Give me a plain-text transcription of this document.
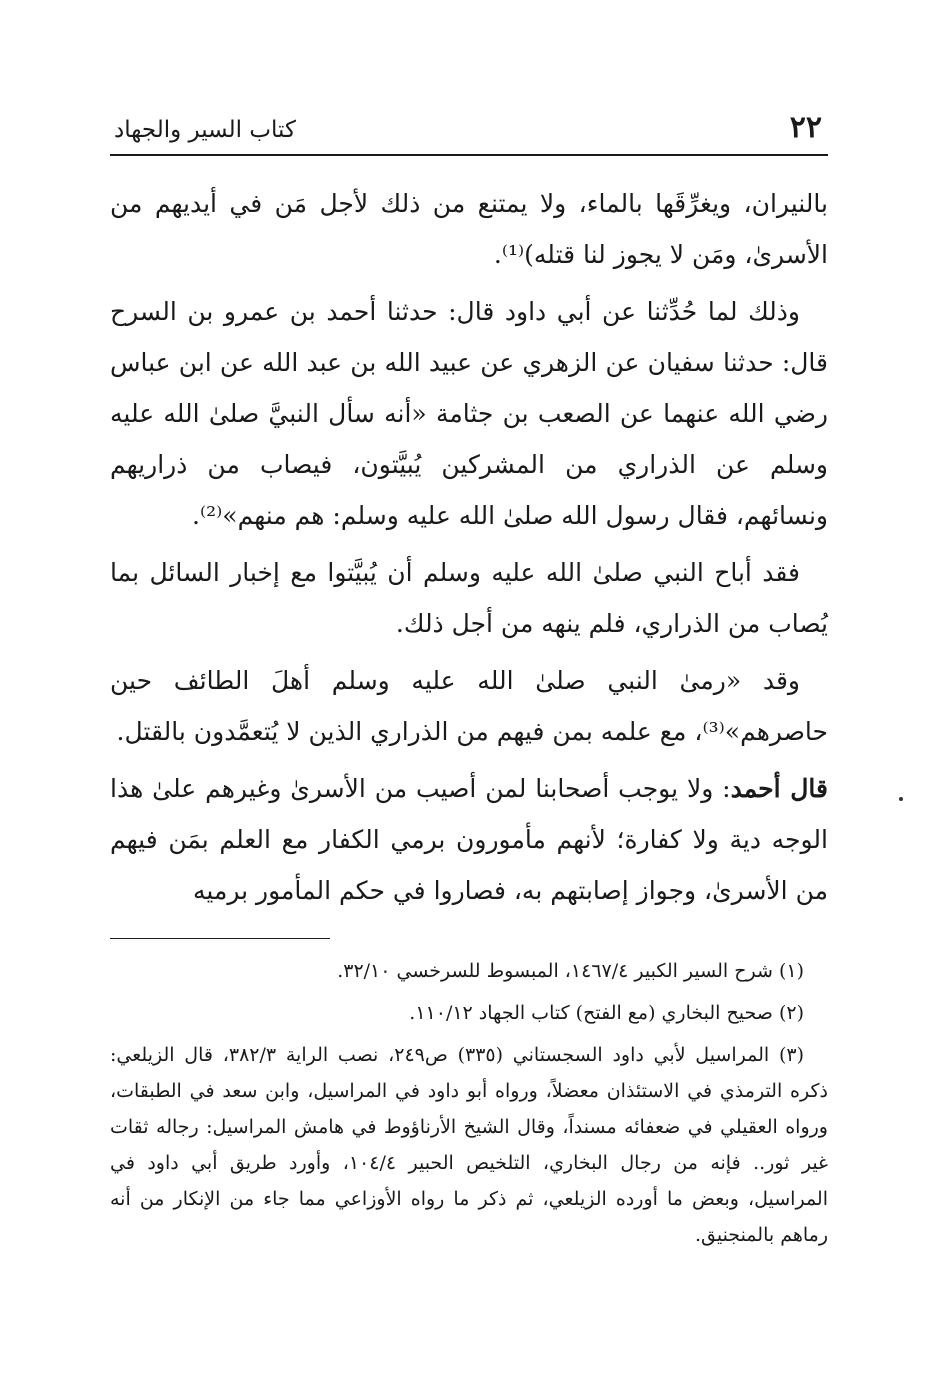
٢٢
كتاب السير والجهاد

بالنيران، ويغرِّقَها بالماء، ولا يمتنع من ذلك لأجل مَن في أيديهم من الأسرىٰ، ومَن لا يجوز لنا قتله)⁽¹⁾.

وذلك لما حُدِّثنا عن أبي داود قال: حدثنا أحمد بن عمرو بن السرح قال: حدثنا سفيان عن الزهري عن عبيد الله بن عبد الله عن ابن عباس رضي الله عنهما عن الصعب بن جثامة «أنه سأل النبيَّ صلىٰ الله عليه وسلم عن الذراري من المشركين يُبيَّتون، فيصاب من ذراريهم ونسائهم، فقال رسول الله صلىٰ الله عليه وسلم: هم منهم»⁽²⁾.

فقد أباح النبي صلىٰ الله عليه وسلم أن يُبيَّتوا مع إخبار السائل بما يُصاب من الذراري، فلم ينهه من أجل ذلك.

وقد «رمىٰ النبي صلىٰ الله عليه وسلم أهلَ الطائف حين حاصرهم»⁽³⁾، مع علمه بمن فيهم من الذراري الذين لا يُتعمَّدون بالقتل.

قال أحمد: ولا يوجب أصحابنا لمن أصيب من الأسرىٰ وغيرهم علىٰ هذا الوجه دية ولا كفارة؛ لأنهم مأمورون برمي الكفار مع العلم بمَن فيهم من الأسرىٰ، وجواز إصابتهم به، فصاروا في حكم المأمور برميه

(١) شرح السير الكبير ١٤٦٧/٤، المبسوط للسرخسي ٣٢/١٠.

(٢) صحيح البخاري (مع الفتح) كتاب الجهاد ١١٠/١٢.

(٣) المراسيل لأبي داود السجستاني (٣٣٥) ص٢٤٩، نصب الراية ٣٨٢/٣، قال الزيلعي: ذكره الترمذي في الاستئذان معضلاً، ورواه أبو داود في المراسيل، وابن سعد في الطبقات، ورواه العقيلي في ضعفائه مسنداً، وقال الشيخ الأرناؤوط في هامش المراسيل: رجاله ثقات غير ثور.. فإنه من رجال البخاري، التلخيص الحبير ١٠٤/٤، وأورد طريق أبي داود في المراسيل، وبعض ما أورده الزيلعي، ثم ذكر ما رواه الأوزاعي مما جاء من الإنكار من أنه رماهم بالمنجنيق.
